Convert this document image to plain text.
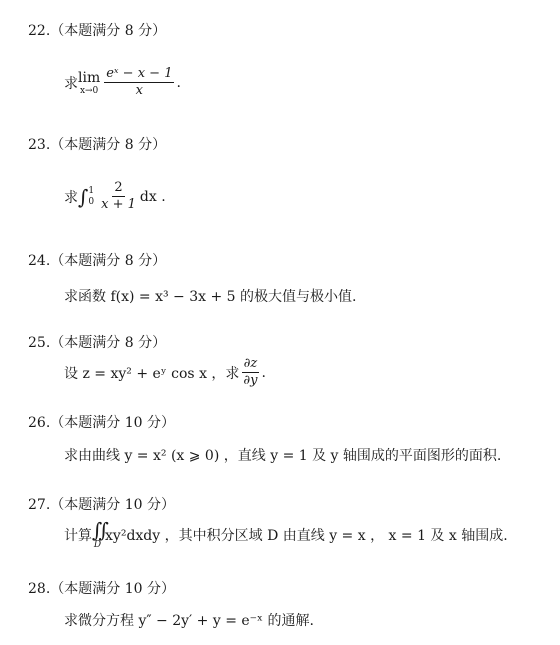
22.（本题满分 8 分）
求 lim
$x\to 0 \frac{\text{eˣ − x − 1}}{x}$ .
23.（本题满分 8 分）
求 ∫ 1
$0 \frac{2}{x + 1}$ dx .
24.（本题满分 8 分）
求函数 f(x) = x³ − 3x + 5 的极大值与极小值.
25.（本题满分 8 分）
设 z = xy² + eʸ cos x ，求 $\frac{\partial z}{\partial y}$ .
26.（本题满分 10 分）
求由曲线 y = x² (x ⩾ 0) ，直线 y = 1 及 y 轴围成的平面图形的面积.
27.（本题满分 10 分）
计算 ∬
D
xy²dxdy ，其中积分区域 D 由直线 y = x ， x = 1 及 x 轴围成.
28.（本题满分 10 分）
求微分方程 y″ − 2y′ + y = e⁻ˣ 的通解.
